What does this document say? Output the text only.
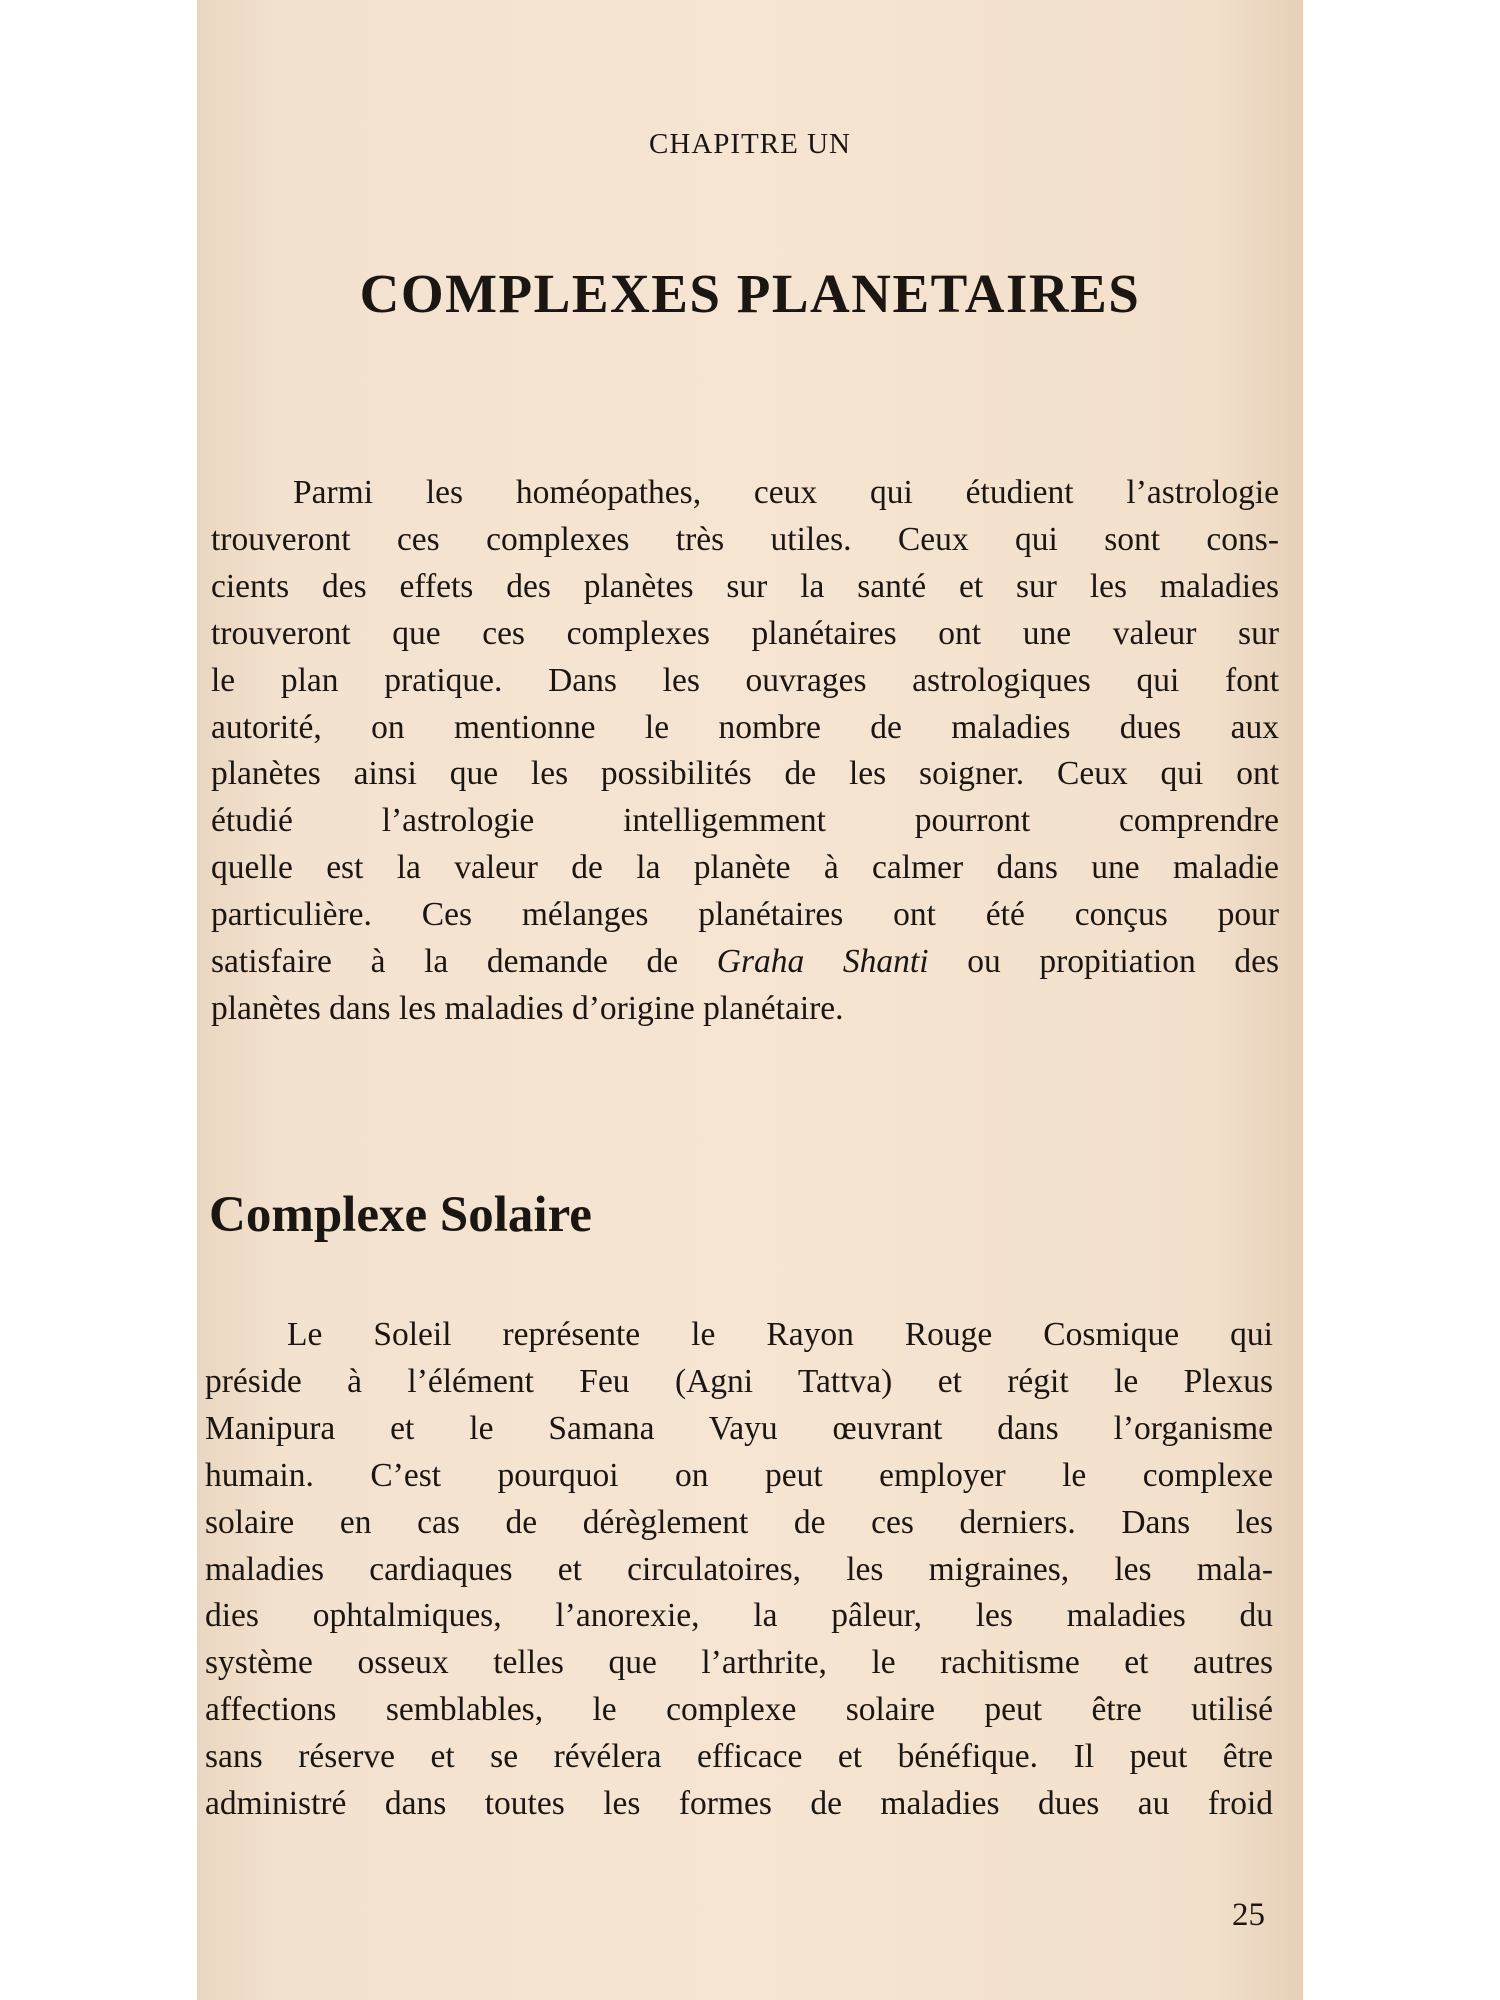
CHAPITRE UN
COMPLEXES PLANETAIRES
Parmi les homéopathes, ceux qui étudient l’astrologie
trouveront ces complexes très utiles. Ceux qui sont cons-
cients des effets des planètes sur la santé et sur les maladies
trouveront que ces complexes planétaires ont une valeur sur
le plan pratique. Dans les ouvrages astrologiques qui font
autorité, on mentionne le nombre de maladies dues aux
planètes ainsi que les possibilités de les soigner. Ceux qui ont
étudié l’astrologie intelligemment pourront comprendre
quelle est la valeur de la planète à calmer dans une maladie
particulière. Ces mélanges planétaires ont été conçus pour
satisfaire à la demande de Graha Shanti ou propitiation des
planètes dans les maladies d’origine planétaire.
Complexe Solaire
Le Soleil représente le Rayon Rouge Cosmique qui
préside à l’élément Feu (Agni Tattva) et régit le Plexus
Manipura et le Samana Vayu œuvrant dans l’organisme
humain. C’est pourquoi on peut employer le complexe
solaire en cas de dérèglement de ces derniers. Dans les
maladies cardiaques et circulatoires, les migraines, les mala-
dies ophtalmiques, l’anorexie, la pâleur, les maladies du
système osseux telles que l’arthrite, le rachitisme et autres
affections semblables, le complexe solaire peut être utilisé
sans réserve et se révélera efficace et bénéfique. Il peut être
administré dans toutes les formes de maladies dues au froid
25
